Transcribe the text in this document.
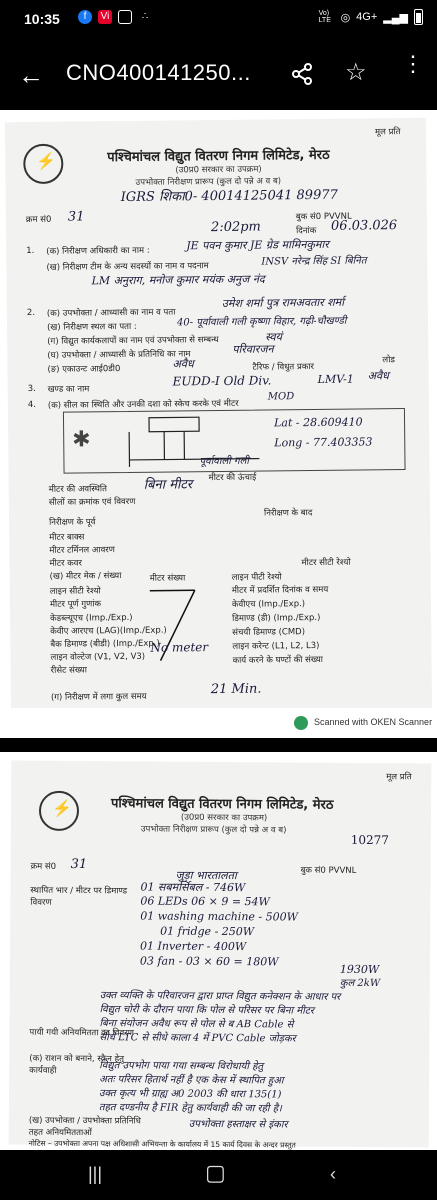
10:35	f	Vi	∴	Vo) LTE ◎ 4G+ ▂▄▆
← CNO400141250...	☆ ⋮
मूल प्रति
⚡
पश्चिमांचल विद्युत वितरण निगम लिमिटेड, मेरठ
(उ0प्र0 सरकार का उपक्रम)
उपभोक्ता निरीक्षण प्रारूप (कुल दो पन्ने अ व ब)
IGRS शिका0- 40014125041 89977
क्रम सं0 31	बुक सं0 PVVNL
2:02pm	दिनांक 06.03.026
1. (क) निरीक्षण अधिकारी का नाम :	JE पवन कुमार JE ग्रेड मामिनकुमार
(ख) निरीक्षण टीम के अन्य सदस्यों का नाम व पदनाम	INSV नरेन्द्र सिंह SI बिनित
LM अनुराग, मनोज कुमार मयंक अनुज नंद
2. (क) उपभोक्ता / आध्यासी का नाम व पता
उमेश शर्मा पुत्र रामअवतार शर्मा
(ख) निरीक्षण स्थल का पता :	40- पूर्वावाली गली कृष्णा विहार, गढ़ी-चौखण्डी
(ग) विद्युत कार्यकलापों का नाम एवं उपभोक्ता से सम्बन्ध	स्वयं
(घ) उपभोक्ता / आध्यासी के प्रतिनिधि का नाम	परिवारजन
(ङ) एकाउन्ट आई0डी0	अवैध	टैरिफ / विधुत प्रकार
लोड
3. खण्ड का नाम
EUDD-I Old Div.	LMV-1 अवैध
4. (क) सील का स्थिति और उनकी दशा को स्केच करके एवं मीटर
MOD
✱
Lat - 28.609410
Long - 77.403353
पूर्वावाली गली
मीटर की अवस्थिति	बिना मीटर मीटर की ऊंचाई
सीलों का क्रमांक एवं विवरण
निरीक्षण के पूर्व
निरीक्षण के बाद
मीटर बाक्स
मीटर टर्मिनल आवरण
मीटर कवर
(ख) मीटर मेक / संख्या
लाइन सीटी रेश्यो
मीटर पूर्ण गुणांक
केडब्ल्यूएच (Imp./Exp.)
केवीए आरएच (LAG)(Imp./Exp.)
बैक डिमाण्ड (बीडी) (Imp./Exp.)
लाइन वोल्टेज (V1, V2, V3)
रीसेट संख्या
मीटर संख्या
मीटर सीटी रेश्यो
लाइन पीटी रेश्यो
मीटर में प्रदर्शित दिनांक व समय
केवीएच (Imp./Exp.)
डिमाण्ड (डी) (Imp./Exp.)
संचयी डिमाण्ड (CMD)
लाइन करेन्ट (L1, L2, L3)
कार्य करने के घण्टों की संख्या
No meter
(ग) निरीक्षण में लगा कुल समय
21 Min.
Scanned with OKEN Scanner
मूल प्रति
⚡
पश्चिमांचल विद्युत वितरण निगम लिमिटेड, मेरठ
(उ0प्र0 सरकार का उपक्रम)
उपभोक्ता निरीक्षण प्रारूप (कुल दो पन्ने अ व ब)
10277
क्रम सं0 31	बुक सं0 PVVNL
जुड़ा भारतालता
स्थापित भार / मीटर पर डिमाण्ड
विवरण
01 सबमर्सिबल - 746W
06 LEDs 06 × 9 = 54W
01 washing machine - 500W
01 fridge - 250W
01 Inverter - 400W
03 fan - 03 × 60 = 180W
1930W
कुल 2kW
उक्त व्यक्ति के परिवारजन द्वारा प्राप्त विद्युत कनेक्शन के आधार पर
विद्युत चोरी के दौरान पाया कि पोल से परिसर पर बिना मीटर
बिना संयोजन अवैध रूप से पोल से ब AB Cable से
सीधे LTC से सीधे काला 4 में PVC Cable जोड़कर
पायी गयी अनियमितता का विवरण
(क) राशन को बनाने, स्कैन हेतु
कार्यवाही	विद्युत उपभोग पाया गया सम्बन्ध विरोधायी हेतु
अतः परिसर हितार्थ नहीं है एक केस में स्थापित हुआ
उक्त कृत्य भी ग्राह्य अ0 2003 की धारा 135(1)
तहत दण्डनीय है FIR हेतु कार्यवाही की जा रही है।
(ख) उपभोक्ता / उपभोक्ता प्रतिनिधि
तहत अनियमितताओं
उपभोक्ता हस्ताक्षर से इंकार
नोटिस – उपभोक्ता अपना पक्ष अधिशासी अभियन्ता के कार्यालय में 15 कार्य दिवस के अन्दर प्रस्तुत
|||	▢	‹
